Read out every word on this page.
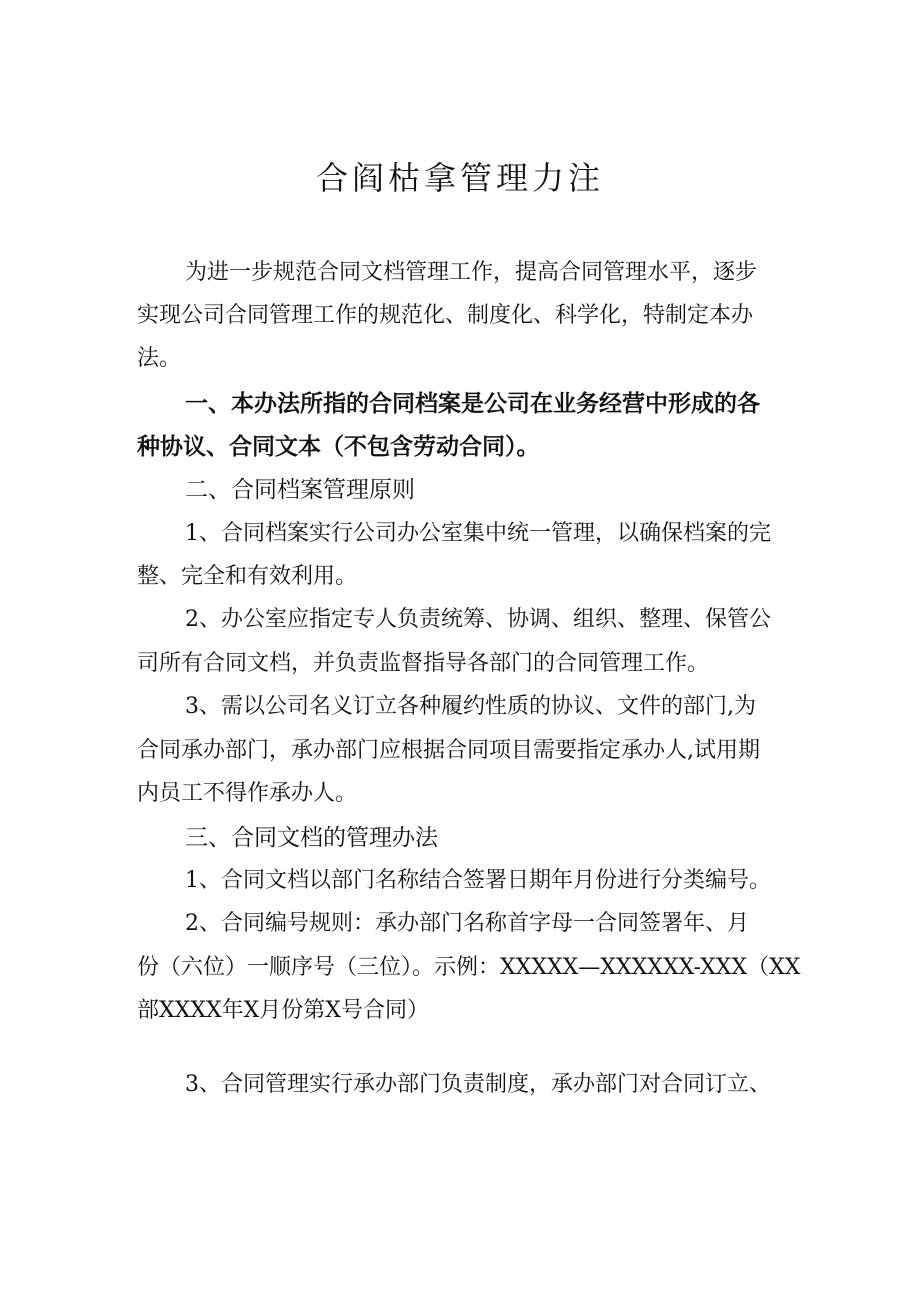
合阎枯拿管理力注
为进一步规范合同文档管理工作，提高合同管理水平，逐步
实现公司合同管理工作的规范化、制度化、科学化，特制定本办
法。
一、本办法所指的合同档案是公司在业务经营中形成的各
种协议、合同文本（不包含劳动合同）。
二、合同档案管理原则
1、合同档案实行公司办公室集中统一管理，以确保档案的完
整、完全和有效利用。
2、办公室应指定专人负责统筹、协调、组织、整理、保管公
司所有合同文档，并负责监督指导各部门的合同管理工作。
3、需以公司名义订立各种履约性质的协议、文件的部门,为
合同承办部门，承办部门应根据合同项目需要指定承办人,试用期
内员工不得作承办人。
三、合同文档的管理办法
1、合同文档以部门名称结合签署日期年月份进行分类编号。
2、合同编号规则：承办部门名称首字母一合同签署年、月
份（六位）一顺序号（三位）。示例：XXXXX—XXXXXX-XXX（XX
部XXXX年X月份第X号合同）
3、合同管理实行承办部门负责制度，承办部门对合同订立、
